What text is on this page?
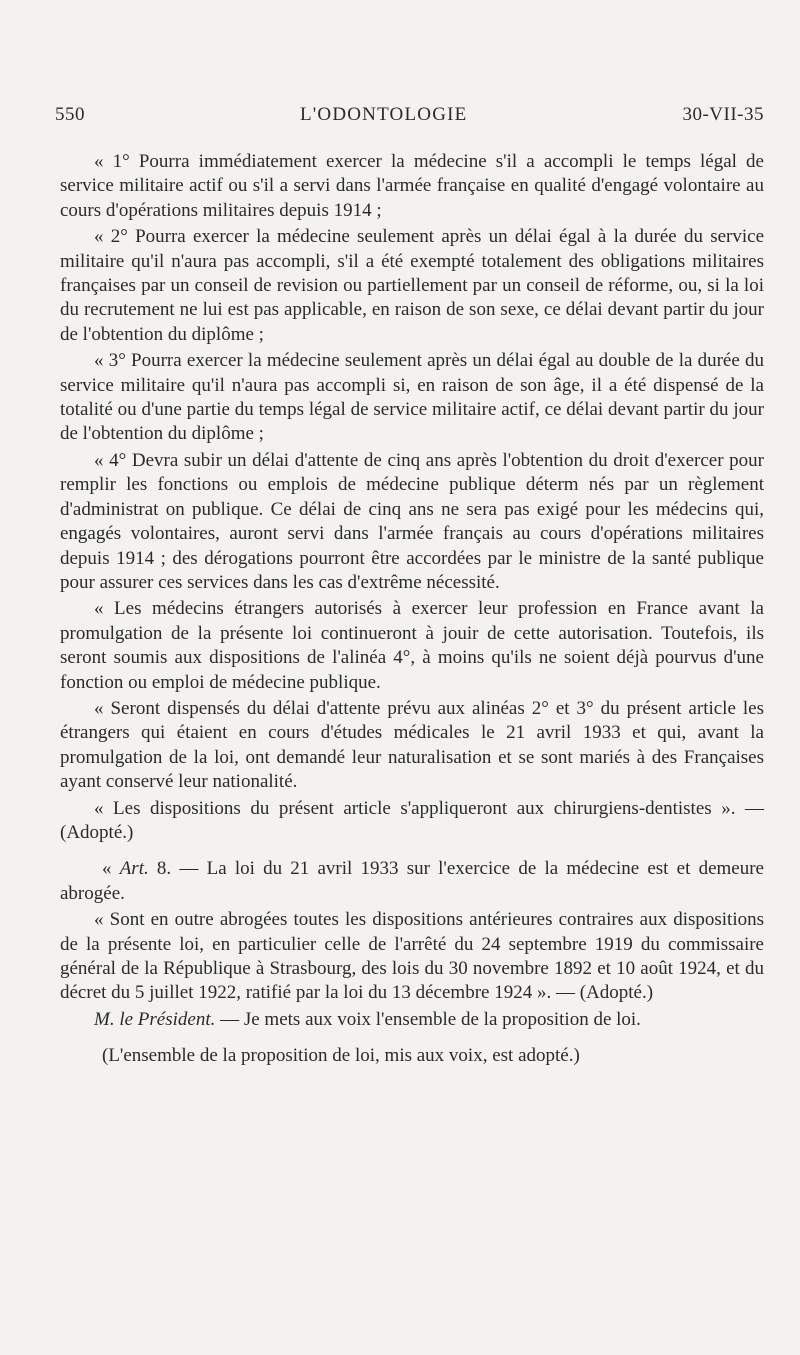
550	L'ODONTOLOGIE	30-VII-35

« 1° Pourra immédiatement exercer la médecine s'il a accompli le temps légal de service militaire actif ou s'il a servi dans l'armée française en qualité d'engagé volontaire au cours d'opérations militaires depuis 1914 ;

« 2° Pourra exercer la médecine seulement après un délai égal à la durée du service militaire qu'il n'aura pas accompli, s'il a été exempté totalement des obligations militaires françaises par un conseil de revision ou partiellement par un conseil de réforme, ou, si la loi du recrutement ne lui est pas applicable, en raison de son sexe, ce délai devant partir du jour de l'obtention du diplôme ;

« 3° Pourra exercer la médecine seulement après un délai égal au double de la durée du service militaire qu'il n'aura pas accompli si, en raison de son âge, il a été dispensé de la totalité ou d'une partie du temps légal de service militaire actif, ce délai devant partir du jour de l'obtention du diplôme ;

« 4° Devra subir un délai d'attente de cinq ans après l'obtention du droit d'exercer pour remplir les fonctions ou emplois de médecine publique déterm nés par un règlement d'administrat on publique. Ce délai de cinq ans ne sera pas exigé pour les médecins qui, engagés volontaires, auront servi dans l'armée français au cours d'opérations militaires depuis 1914 ; des dérogations pourront être accordées par le ministre de la santé publique pour assurer ces services dans les cas d'extrême nécessité.

« Les médecins étrangers autorisés à exercer leur profession en France avant la promulgation de la présente loi continueront à jouir de cette autorisation. Toutefois, ils seront soumis aux dispositions de l'alinéa 4°, à moins qu'ils ne soient déjà pourvus d'une fonction ou emploi de médecine publique.

« Seront dispensés du délai d'attente prévu aux alinéas 2° et 3° du présent article les étrangers qui étaient en cours d'études médicales le 21 avril 1933 et qui, avant la promulgation de la loi, ont demandé leur naturalisation et se sont mariés à des Françaises ayant conservé leur nationalité.

« Les dispositions du présent article s'appliqueront aux chirurgiens-dentistes ». — (Adopté.)

« Art. 8. — La loi du 21 avril 1933 sur l'exercice de la médecine est et demeure abrogée.

« Sont en outre abrogées toutes les dispositions antérieures contraires aux dispositions de la présente loi, en particulier celle de l'arrêté du 24 septembre 1919 du commissaire général de la République à Strasbourg, des lois du 30 novembre 1892 et 10 août 1924, et du décret du 5 juillet 1922, ratifié par la loi du 13 décembre 1924 ». — (Adopté.)

M. le Président. — Je mets aux voix l'ensemble de la proposition de loi.

(L'ensemble de la proposition de loi, mis aux voix, est adopté.)
